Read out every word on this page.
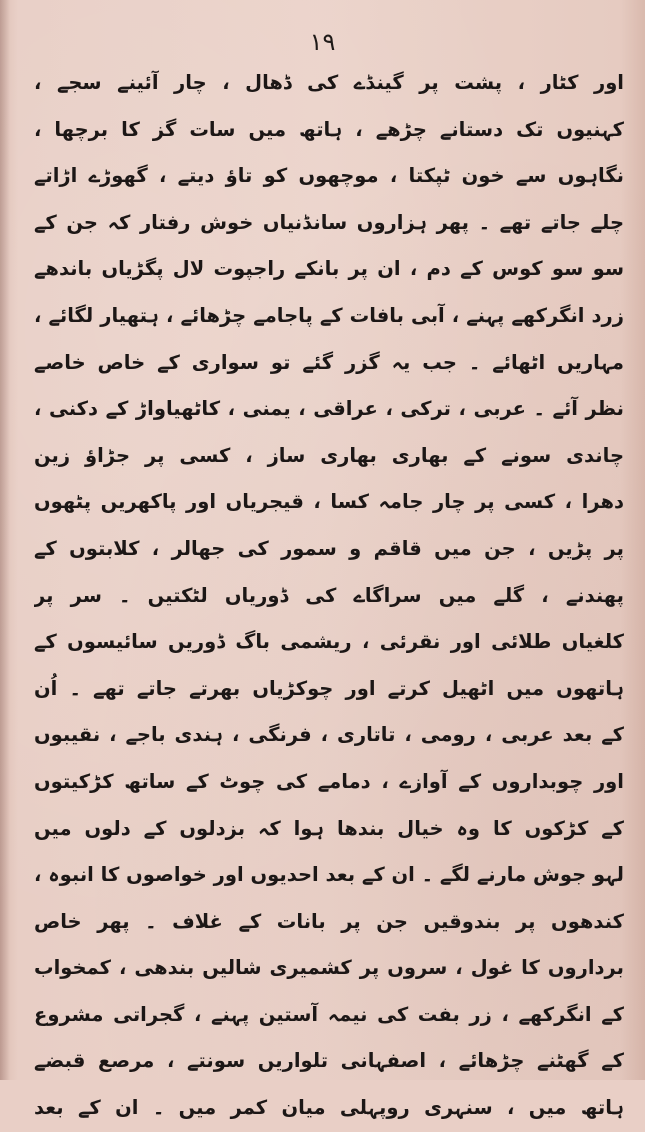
۱۹
اور کٹار ، پشت پر گینڈے کی ڈھال ، چار آئینے سجے ،
کہنیوں تک دستانے چڑھے ، ہاتھ میں سات گز کا برچھا ،
نگاہوں سے خون ٹپکتا ، موچھوں کو تاؤ دیتے ، گھوڑے اڑاتے
چلے جاتے تھے ۔ پھر ہزاروں سانڈنیاں خوش رفتار کہ جن کے
سو سو کوس کے دم ، ان پر بانکے راجپوت لال پگڑیاں باندھے
زرد انگرکھے پہنے ، آبی بافات کے پاجامے چڑھائے ، ہتھیار لگائے ،
مہاریں اٹھائے ۔ جب یہ گزر گئے تو سواری کے خاص خاصے
نظر آئے ۔ عربی ، ترکی ، عراقی ، یمنی ، کاٹھیاواڑ کے دکنی ،
چاندی سونے کے بھاری بھاری ساز ، کسی پر جڑاؤ زین
دھرا ، کسی پر چار جامہ کسا ، قیجریاں اور پاکھریں پٹھوں
پر پڑیں ، جن میں قاقم و سمور کی جھالر ، کلابتوں کے
پھندنے ، گلے میں سراگاے کی ڈوریاں لٹکتیں ۔ سر پر
کلغیاں طلائی اور نقرئی ، ریشمی باگ ڈوریں سائیسوں کے
ہاتھوں میں اٹھیل کرتے اور چوکڑیاں بھرتے جاتے تھے ۔ اُن
کے بعد عربی ، رومی ، تاتاری ، فرنگی ، ہندی باجے ، نقیبوں
اور چوبداروں کے آوازے ، دمامے کی چوٹ کے ساتھ کڑکیتوں
کے کڑکوں کا وہ خیال بندھا ہوا کہ بزدلوں کے دلوں میں
لہو جوش مارنے لگے ۔ ان کے بعد احدیوں اور خواصوں کا انبوہ ،
کندھوں پر بندوقیں جن پر بانات کے غلاف ۔ پھر خاص
برداروں کا غول ، سروں پر کشمیری شالیں بندھی ، کمخواب
کے انگرکھے ، زر بفت کی نیمہ آستین پہنے ، گجراتی مشروع
کے گھٹنے چڑھائے ، اصفہانی تلواریں سونتے ، مرصع قبضے
ہاتھ میں ، سنہری روپہلی میان کمر میں ۔ ان کے بعد
